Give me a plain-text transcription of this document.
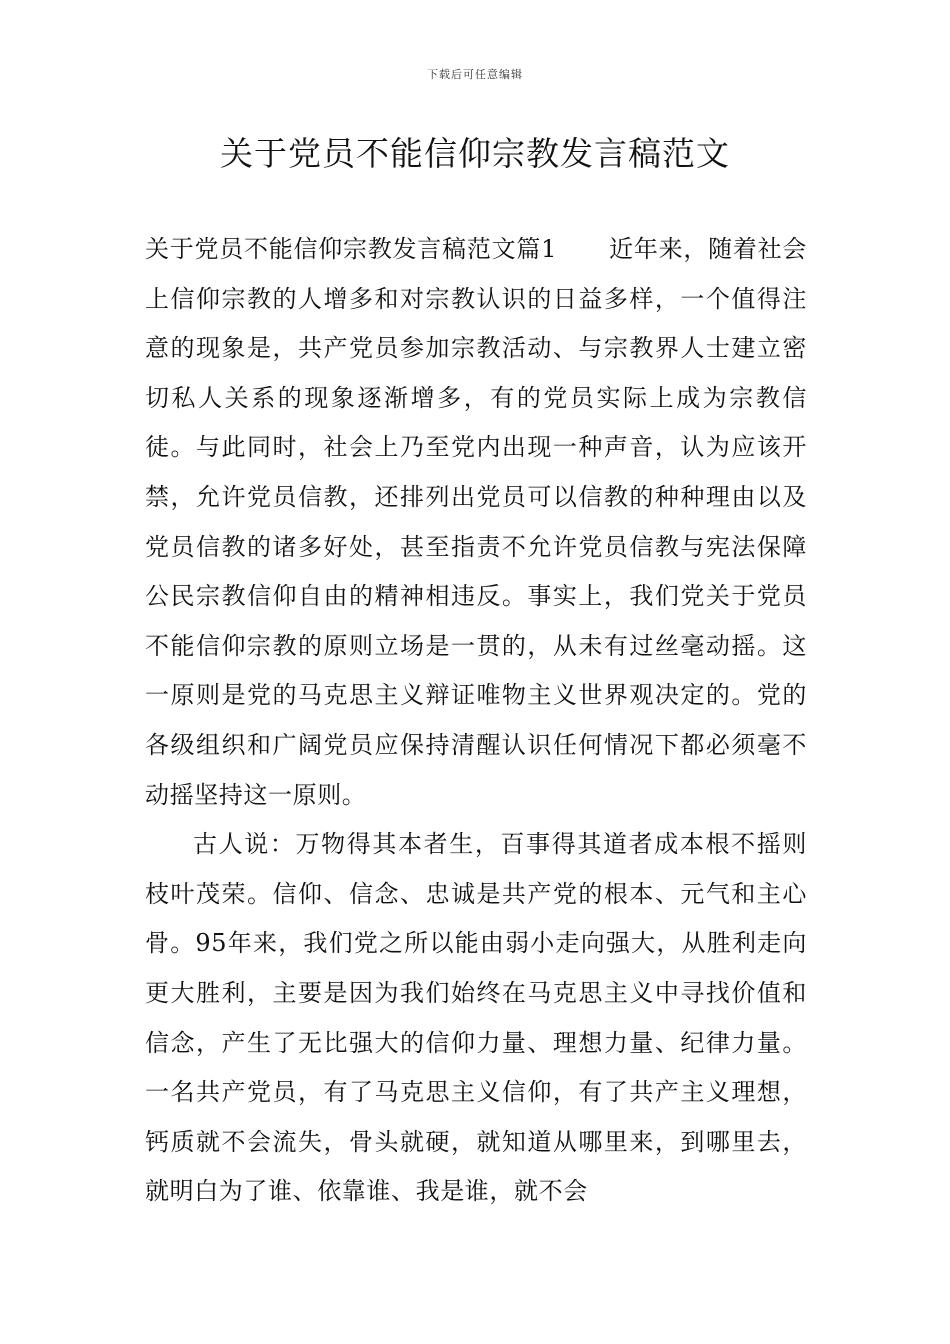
下载后可任意编辑
关于党员不能信仰宗教发言稿范文

关于党员不能信仰宗教发言稿范文篇1 近年来，随着社会上信仰宗教的人增多和对宗教认识的日益多样，一个值得注意的现象是，共产党员参加宗教活动、与宗教界人士建立密切私人关系的现象逐渐增多，有的党员实际上成为宗教信徒。与此同时，社会上乃至党内出现一种声音，认为应该开禁，允许党员信教，还排列出党员可以信教的种种理由以及党员信教的诸多好处，甚至指责不允许党员信教与宪法保障公民宗教信仰自由的精神相违反。事实上，我们党关于党员不能信仰宗教的原则立场是一贯的，从未有过丝毫动摇。这一原则是党的马克思主义辩证唯物主义世界观决定的。党的各级组织和广阔党员应保持清醒认识任何情况下都必须毫不动摇坚持这一原则。

古人说：万物得其本者生，百事得其道者成本根不摇则枝叶茂荣。信仰、信念、忠诚是共产党的根本、元气和主心骨。95年来，我们党之所以能由弱小走向强大，从胜利走向更大胜利，主要是因为我们始终在马克思主义中寻找价值和信念，产生了无比强大的信仰力量、理想力量、纪律力量。一名共产党员，有了马克思主义信仰，有了共产主义理想，钙质就不会流失，骨头就硬，就知道从哪里来，到哪里去，就明白为了谁、依靠谁、我是谁，就不会
